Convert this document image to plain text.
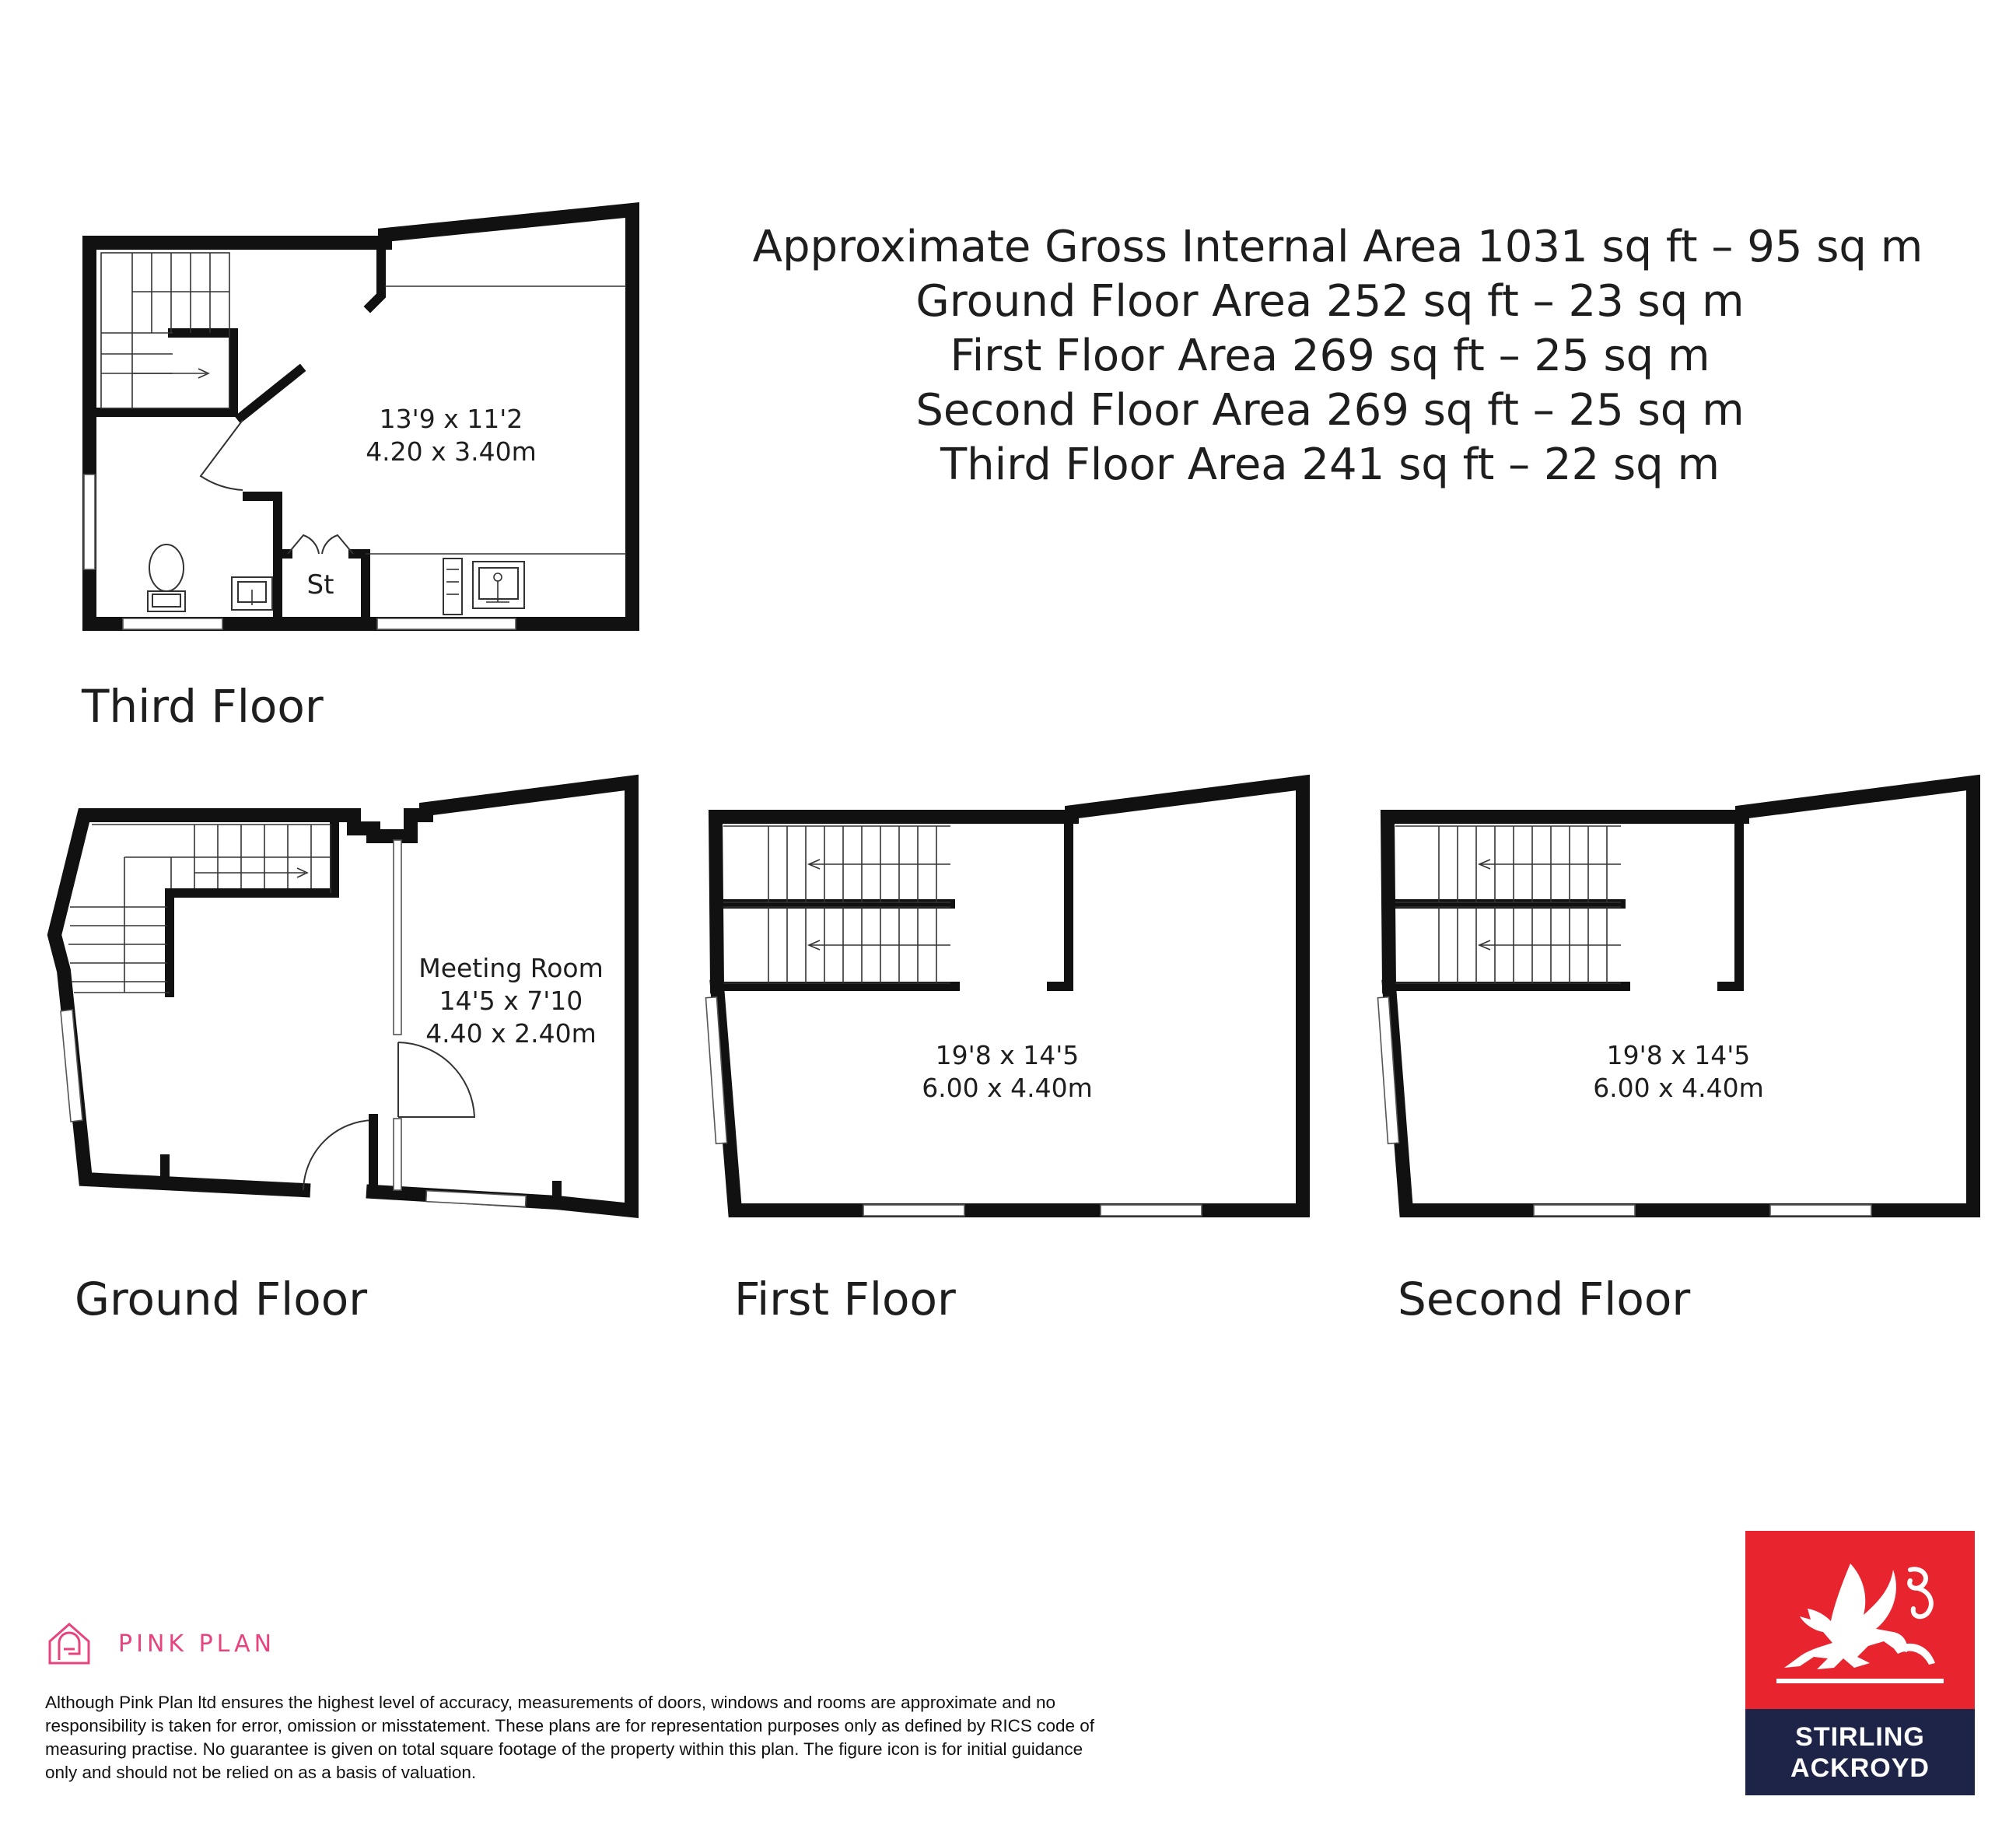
Approximate Gross Internal Area 1031 sq ft – 95 sq m
Ground Floor Area 252 sq ft – 23 sq m
First Floor Area 269 sq ft – 25 sq m
Second Floor Area 269 sq ft – 25 sq m
Third Floor Area 241 sq ft – 22 sq m
St
13'9 x 11'2
4.20 x 3.40m
Third Floor
Meeting Room
14'5 x 7'10
4.40 x 2.40m
Ground Floor
19'8 x 14'5
6.00 x 4.40m
First Floor
19'8 x 14'5
6.00 x 4.40m
Second Floor
PINK PLAN
Although Pink Plan ltd ensures the highest level of accuracy, measurements of doors, windows and rooms are approximate and no responsibility is taken for error, omission or misstatement. These plans are for representation purposes only as defined by RICS code of measuring practise. No guarantee is given on total square footage of the property within this plan. The figure icon is for initial guidance only and should not be relied on as a basis of valuation.
STIRLING
ACKROYD
